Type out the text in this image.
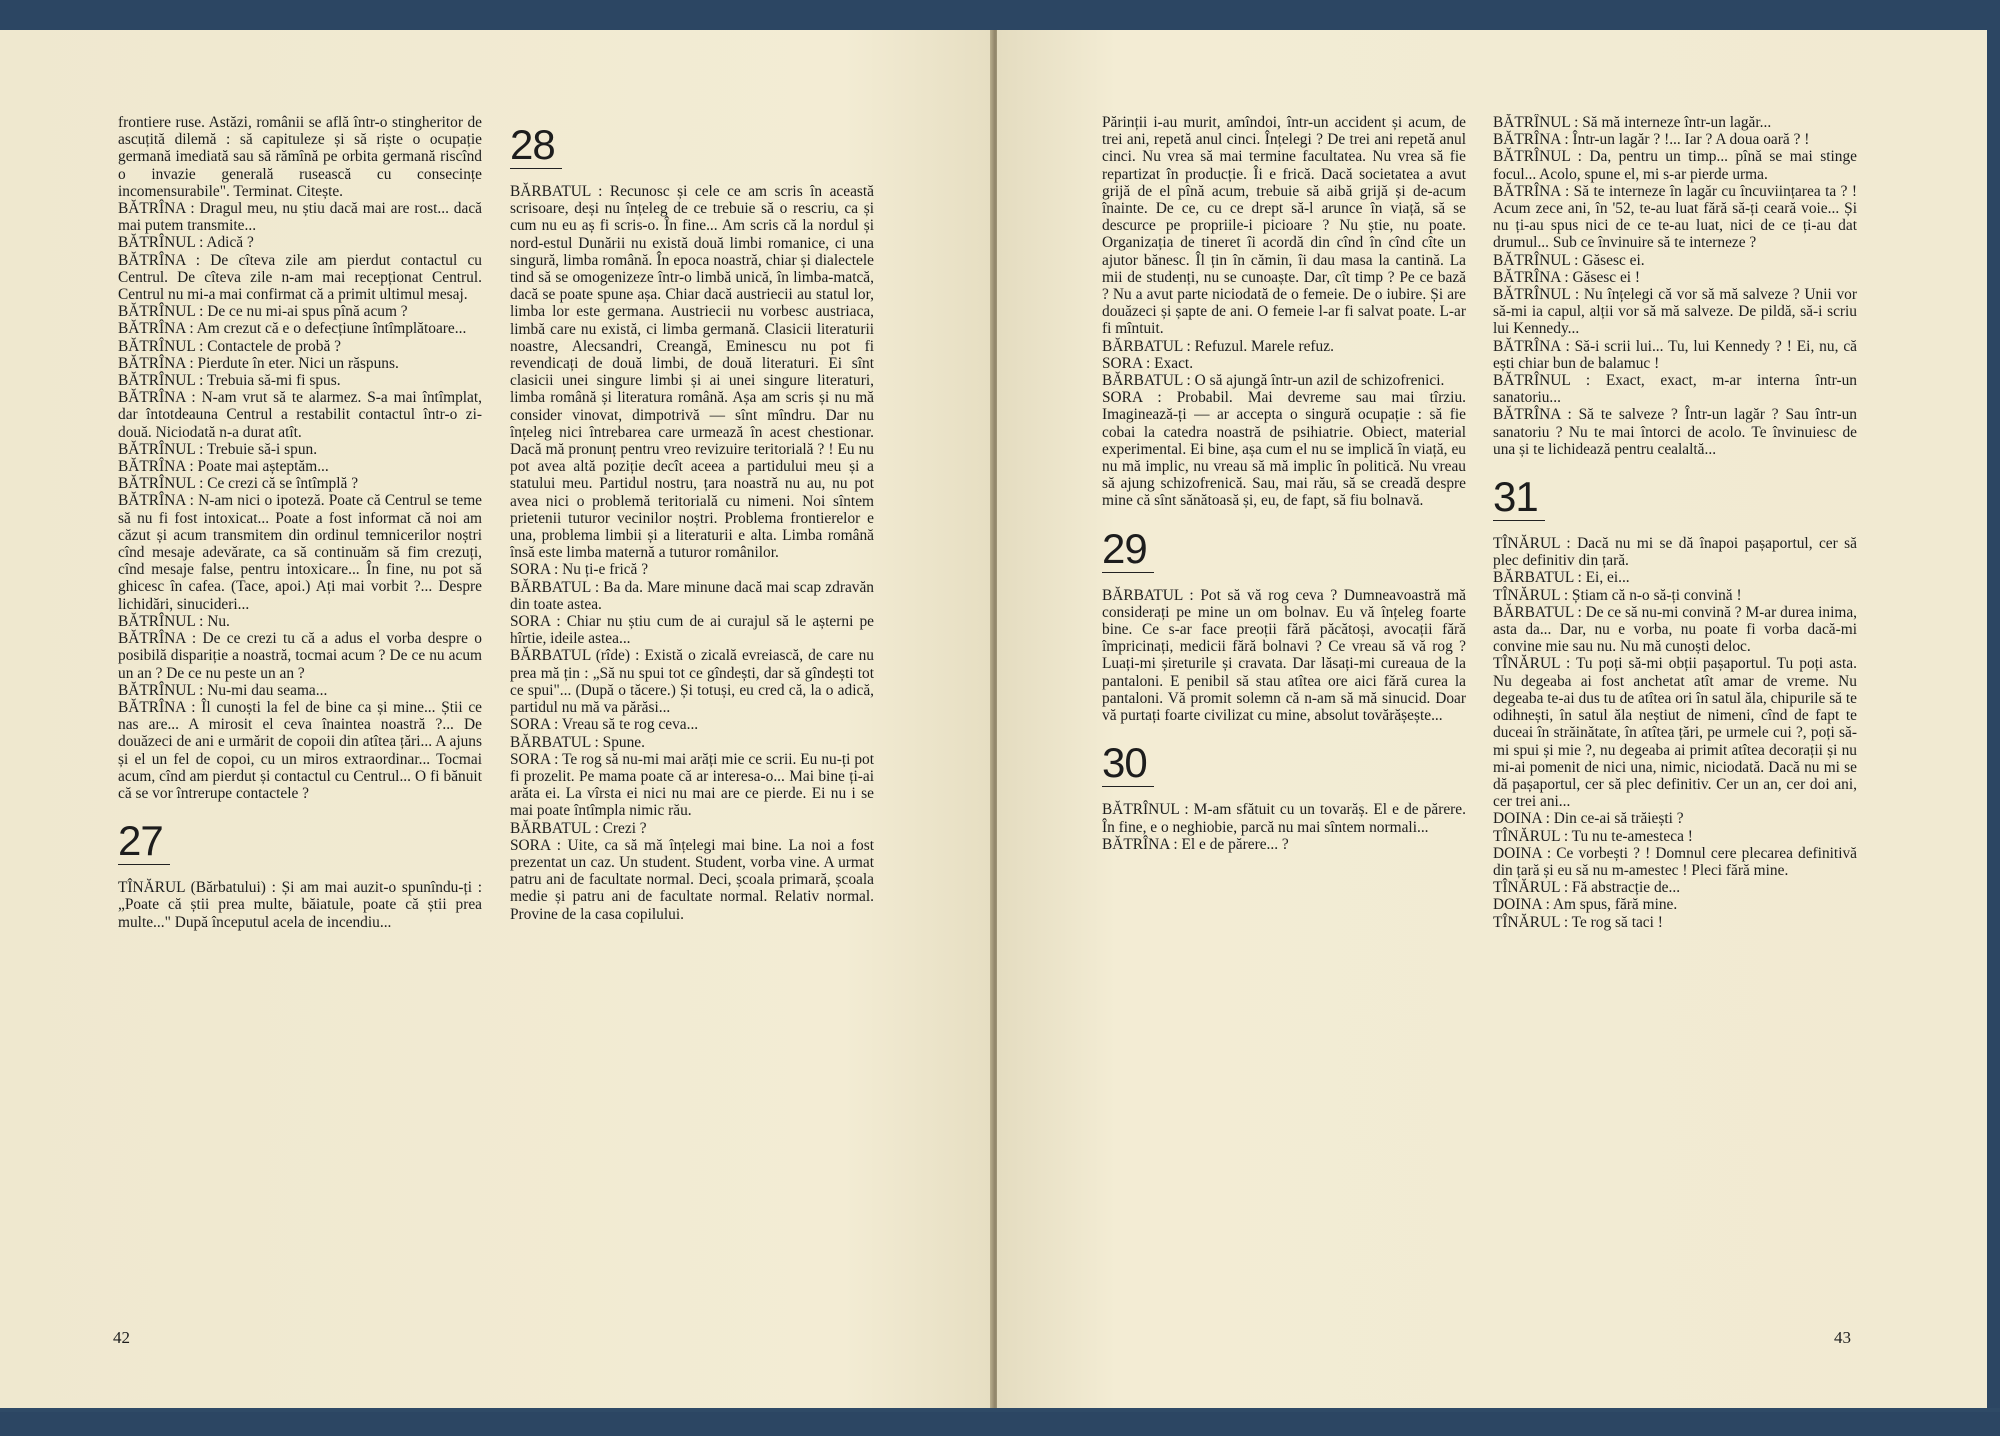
frontiere ruse. Astăzi, românii se află într-o stingheritor de ascuțită dilemă : să capituleze și să riște o ocupație germană imediată sau să rămînă pe orbita germană riscînd o invazie generală rusească cu consecințe incomensurabile". Terminat. Citește.

BĂTRÎNA : Dragul meu, nu știu dacă mai are rost... dacă mai putem transmite...

BĂTRÎNUL : Adică ?

BĂTRÎNA : De cîteva zile am pierdut contactul cu Centrul. De cîteva zile n-am mai recepționat Centrul. Centrul nu mi-a mai confirmat că a primit ultimul mesaj.

BĂTRÎNUL : De ce nu mi-ai spus pînă acum ?

BĂTRÎNA : Am crezut că e o defecțiune întîmplătoare...

BĂTRÎNUL : Contactele de probă ?

BĂTRÎNA : Pierdute în eter. Nici un răspuns.

BĂTRÎNUL : Trebuia să-mi fi spus.

BĂTRÎNA : N-am vrut să te alarmez. S-a mai întîmplat, dar întotdeauna Centrul a restabilit contactul într-o zi-două. Niciodată n-a durat atît.

BĂTRÎNUL : Trebuie să-i spun.

BĂTRÎNA : Poate mai așteptăm...

BĂTRÎNUL : Ce crezi că se întîmplă ?

BĂTRÎNA : N-am nici o ipoteză. Poate că Centrul se teme să nu fi fost intoxicat... Poate a fost informat că noi am căzut și acum transmitem din ordinul temnicerilor noștri cînd mesaje adevărate, ca să continuăm să fim crezuți, cînd mesaje false, pentru intoxicare... În fine, nu pot să ghicesc în cafea. (Tace, apoi.) Ați mai vorbit ?... Despre lichidări, sinucideri...

BĂTRÎNUL : Nu.

BĂTRÎNA : De ce crezi tu că a adus el vorba despre o posibilă dispariție a noastră, tocmai acum ? De ce nu acum un an ? De ce nu peste un an ?

BĂTRÎNUL : Nu-mi dau seama...

BĂTRÎNA : Îl cunoști la fel de bine ca și mine... Știi ce nas are... A mirosit el ceva înaintea noastră ?... De douăzeci de ani e urmărit de copoii din atîtea țări... A ajuns și el un fel de copoi, cu un miros extraordinar... Tocmai acum, cînd am pierdut și contactul cu Centrul... O fi bănuit că se vor întrerupe contactele ?

27

TÎNĂRUL (Bărbatului) : Și am mai auzit-o spunîndu-ți : „Poate că știi prea multe, băiatule, poate că știi prea multe..." După începutul acela de incendiu...

28

BĂRBATUL : Recunosc și cele ce am scris în această scrisoare, deși nu înțeleg de ce trebuie să o rescriu, ca și cum nu eu aș fi scris-o. În fine... Am scris că la nordul și nord-estul Dunării nu există două limbi romanice, ci una singură, limba română. În epoca noastră, chiar și dialectele tind să se omogenizeze într-o limbă unică, în limba-matcă, dacă se poate spune așa. Chiar dacă austriecii au statul lor, limba lor este germana. Austriecii nu vorbesc austriaca, limbă care nu există, ci limba germană. Clasicii literaturii noastre, Alecsandri, Creangă, Eminescu nu pot fi revendicați de două limbi, de două literaturi. Ei sînt clasicii unei singure limbi și ai unei singure literaturi, limba română și literatura română. Așa am scris și nu mă consider vinovat, dimpotrivă — sînt mîndru. Dar nu înțeleg nici întrebarea care urmează în acest chestionar. Dacă mă pronunț pentru vreo revizuire teritorială ? ! Eu nu pot avea altă poziție decît aceea a partidului meu și a statului meu. Partidul nostru, țara noastră nu au, nu pot avea nici o problemă teritorială cu nimeni. Noi sîntem prietenii tuturor vecinilor noștri. Problema frontierelor e una, problema limbii și a literaturii e alta. Limba română însă este limba maternă a tuturor românilor.

SORA : Nu ți-e frică ?

BĂRBATUL : Ba da. Mare minune dacă mai scap zdravăn din toate astea.

SORA : Chiar nu știu cum de ai curajul să le așterni pe hîrtie, ideile astea...

BĂRBATUL (rîde) : Există o zicală evreiască, de care nu prea mă țin : „Să nu spui tot ce gîndești, dar să gîndești tot ce spui"... (După o tăcere.) Și totuși, eu cred că, la o adică, partidul nu mă va părăsi...

SORA : Vreau să te rog ceva...

BĂRBATUL : Spune.

SORA : Te rog să nu-mi mai arăți mie ce scrii. Eu nu-ți pot fi prozelit. Pe mama poate că ar interesa-o... Mai bine ți-ai arăta ei. La vîrsta ei nici nu mai are ce pierde. Ei nu i se mai poate întîmpla nimic rău.

BĂRBATUL : Crezi ?

SORA : Uite, ca să mă înțelegi mai bine. La noi a fost prezentat un caz. Un student. Student, vorba vine. A urmat patru ani de facultate normal. Deci, școala primară, școala medie și patru ani de facultate normal. Relativ normal. Provine de la casa copilului.

42

Părinții i-au murit, amîndoi, într-un accident și acum, de trei ani, repetă anul cinci. Înțelegi ? De trei ani repetă anul cinci. Nu vrea să mai termine facultatea. Nu vrea să fie repartizat în producție. Îi e frică. Dacă societatea a avut grijă de el pînă acum, trebuie să aibă grijă și de-acum înainte. De ce, cu ce drept să-l arunce în viață, să se descurce pe propriile-i picioare ? Nu știe, nu poate. Organizația de tineret îi acordă din cînd în cînd cîte un ajutor bănesc. Îl țin în cămin, îi dau masa la cantină. La mii de studenți, nu se cunoaște. Dar, cît timp ? Pe ce bază ? Nu a avut parte niciodată de o femeie. De o iubire. Și are douăzeci și șapte de ani. O femeie l-ar fi salvat poate. L-ar fi mîntuit.

BĂRBATUL : Refuzul. Marele refuz.

SORA : Exact.

BĂRBATUL : O să ajungă într-un azil de schizofrenici.

SORA : Probabil. Mai devreme sau mai tîrziu. Imaginează-ți — ar accepta o singură ocupație : să fie cobai la catedra noastră de psihiatrie. Obiect, material experimental. Ei bine, așa cum el nu se implică în viață, eu nu mă implic, nu vreau să mă implic în politică. Nu vreau să ajung schizofrenică. Sau, mai rău, să se creadă despre mine că sînt sănătoasă și, eu, de fapt, să fiu bolnavă.

29

BĂRBATUL : Pot să vă rog ceva ? Dumneavoastră mă considerați pe mine un om bolnav. Eu vă înțeleg foarte bine. Ce s-ar face preoții fără păcătoși, avocații fără împricinați, medicii fără bolnavi ? Ce vreau să vă rog ? Luați-mi șireturile și cravata. Dar lăsați-mi cureaua de la pantaloni. E penibil să stau atîtea ore aici fără curea la pantaloni. Vă promit solemn că n-am să mă sinucid. Doar vă purtați foarte civilizat cu mine, absolut tovărășește...

30

BĂTRÎNUL : M-am sfătuit cu un tovarăș. El e de părere. În fine, e o neghiobie, parcă nu mai sîntem normali...

BĂTRÎNA : El e de părere... ?

BĂTRÎNUL : Să mă interneze într-un lagăr...

BĂTRÎNA : Într-un lagăr ? !... Iar ? A doua oară ? !

BĂTRÎNUL : Da, pentru un timp... pînă se mai stinge focul... Acolo, spune el, mi s-ar pierde urma.

BĂTRÎNA : Să te interneze în lagăr cu încuviințarea ta ? ! Acum zece ani, în '52, te-au luat fără să-ți ceară voie... Și nu ți-au spus nici de ce te-au luat, nici de ce ți-au dat drumul... Sub ce învinuire să te interneze ?

BĂTRÎNUL : Găsesc ei.

BĂTRÎNA : Găsesc ei !

BĂTRÎNUL : Nu înțelegi că vor să mă salveze ? Unii vor să-mi ia capul, alții vor să mă salveze. De pildă, să-i scriu lui Kennedy...

BĂTRÎNA : Să-i scrii lui... Tu, lui Kennedy ? ! Ei, nu, că ești chiar bun de balamuc !

BĂTRÎNUL : Exact, exact, m-ar interna într-un sanatoriu...

BĂTRÎNA : Să te salveze ? Într-un lagăr ? Sau într-un sanatoriu ? Nu te mai întorci de acolo. Te învinuiesc de una și te lichidează pentru cealaltă...

31

TÎNĂRUL : Dacă nu mi se dă înapoi pașaportul, cer să plec definitiv din țară.

BĂRBATUL : Ei, ei...

TÎNĂRUL : Știam că n-o să-ți convină !

BĂRBATUL : De ce să nu-mi convină ? M-ar durea inima, asta da... Dar, nu e vorba, nu poate fi vorba dacă-mi convine mie sau nu. Nu mă cunoști deloc.

TÎNĂRUL : Tu poți să-mi obții pașaportul. Tu poți asta. Nu degeaba ai fost anchetat atît amar de vreme. Nu degeaba te-ai dus tu de atîtea ori în satul ăla, chipurile să te odihnești, în satul ăla neștiut de nimeni, cînd de fapt te duceai în străinătate, în atîtea țări, pe urmele cui ?, poți să-mi spui și mie ?, nu degeaba ai primit atîtea decorații și nu mi-ai pomenit de nici una, nimic, niciodată. Dacă nu mi se dă pașaportul, cer să plec definitiv. Cer un an, cer doi ani, cer trei ani...

DOINA : Din ce-ai să trăiești ?

TÎNĂRUL : Tu nu te-amesteca !

DOINA : Ce vorbești ? ! Domnul cere plecarea definitivă din țară și eu să nu m-amestec ! Pleci fără mine.

TÎNĂRUL : Fă abstracție de...

DOINA : Am spus, fără mine.

TÎNĂRUL : Te rog să taci !

43
